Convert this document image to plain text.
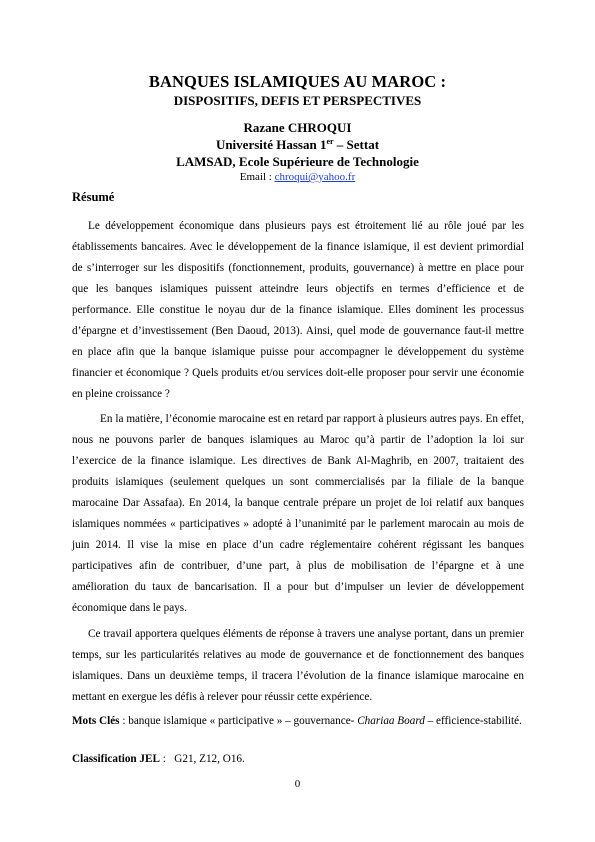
BANQUES ISLAMIQUES AU MAROC :
DISPOSITIFS, DEFIS ET PERSPECTIVES
Razane CHROQUI
Université Hassan 1er – Settat
LAMSAD, Ecole Supérieure de Technologie
Email : chroqui@yahoo.fr
Résumé

Le développement économique dans plusieurs pays est étroitement lié au rôle joué par les établissements bancaires. Avec le développement de la finance islamique, il est devient primordial de s’interroger sur les dispositifs (fonctionnement, produits, gouvernance) à mettre en place pour que les banques islamiques puissent atteindre leurs objectifs en termes d’efficience et de performance. Elle constitue le noyau dur de la finance islamique. Elles dominent les processus d’épargne et d’investissement (Ben Daoud, 2013). Ainsi, quel mode de gouvernance faut-il mettre en place afin que la banque islamique puisse pour accompagner le développement du système financier et économique ? Quels produits et/ou services doit-elle proposer pour servir une économie en pleine croissance ?

En la matière, l’économie marocaine est en retard par rapport à plusieurs autres pays. En effet, nous ne pouvons parler de banques islamiques au Maroc qu’à partir de l’adoption la loi sur l’exercice de la finance islamique. Les directives de Bank Al-Maghrib, en 2007, traitaient des produits islamiques (seulement quelques un sont commercialisés par la filiale de la banque marocaine Dar Assafaa). En 2014, la banque centrale prépare un projet de loi relatif aux banques islamiques nommées « participatives » adopté à l’unanimité par le parlement marocain au mois de juin 2014. Il vise la mise en place d’un cadre réglementaire cohérent régissant les banques participatives afin de contribuer, d’une part, à plus de mobilisation de l’épargne et à une amélioration du taux de bancarisation. Il a pour but d’impulser un levier de développement économique dans le pays.

Ce travail apportera quelques éléments de réponse à travers une analyse portant, dans un premier temps, sur les particularités relatives au mode de gouvernance et de fonctionnement des banques islamiques. Dans un deuxième temps, il tracera l’évolution de la finance islamique marocaine en mettant en exergue les défis à relever pour réussir cette expérience.

Mots Clés : banque islamique « participative » – gouvernance- Chariaa Board – efficience-stabilité.
Classification JEL :   G21, Z12, O16.
0
